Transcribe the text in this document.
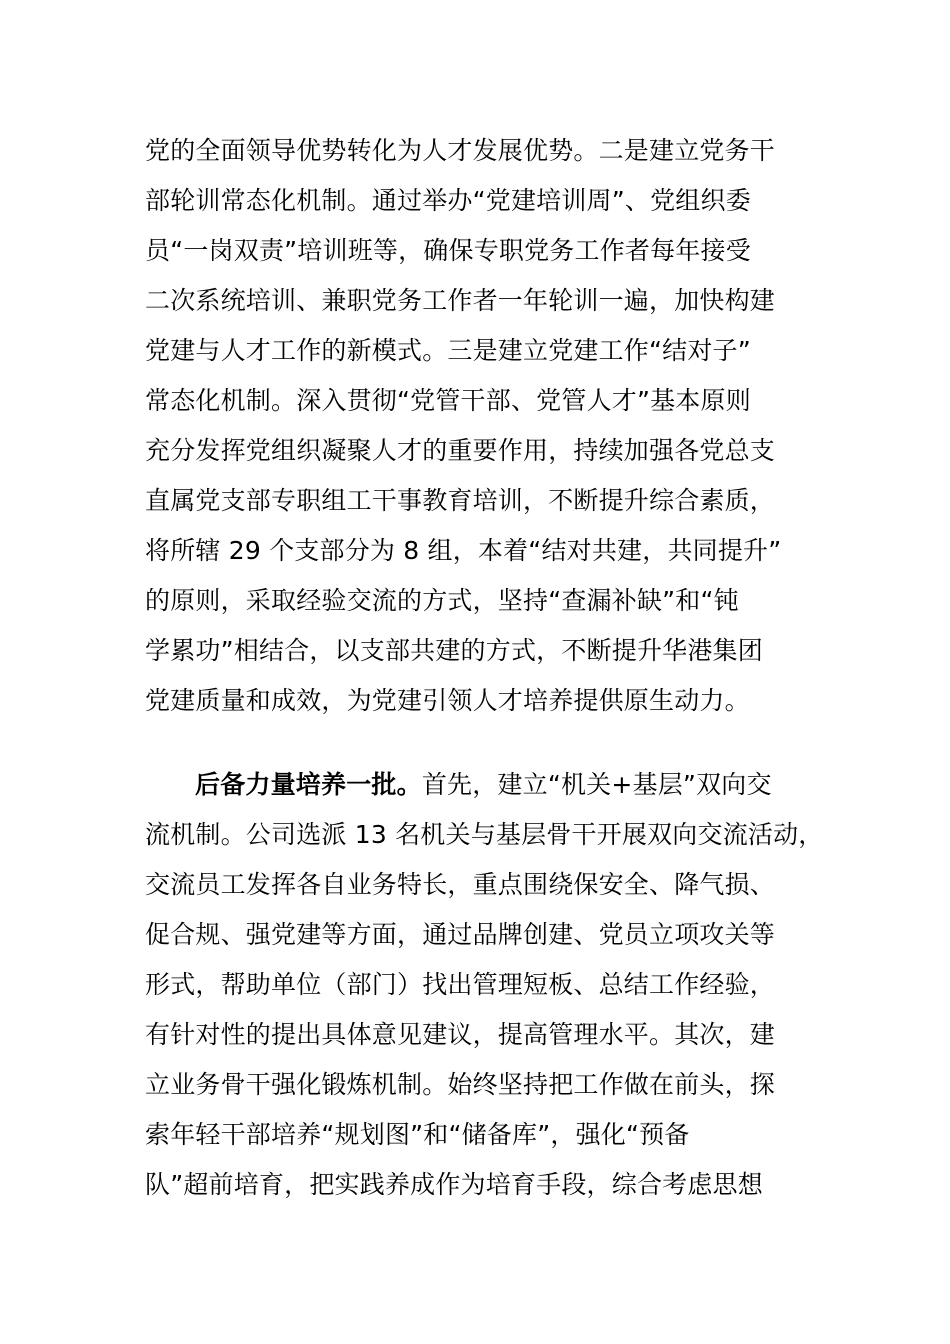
党的全面领导优势转化为人才发展优势。二是建立党务干

部轮训常态化机制。通过举办“党建培训周”、党组织委

员“一岗双责”培训班等，确保专职党务工作者每年接受

二次系统培训、兼职党务工作者一年轮训一遍，加快构建

党建与人才工作的新模式。三是建立党建工作“结对子”

常态化机制。深入贯彻“党管干部、党管人才”基本原则

充分发挥党组织凝聚人才的重要作用，持续加强各党总支

直属党支部专职组工干事教育培训，不断提升综合素质，

将所辖 29 个支部分为 8 组，本着“结对共建，共同提升”

的原则，采取经验交流的方式，坚持“查漏补缺”和“钝

学累功”相结合，以支部共建的方式，不断提升华港集团

党建质量和成效，为党建引领人才培养提供原生动力。

后备力量培养一批。首先，建立“机关+基层”双向交

流机制。公司选派 13 名机关与基层骨干开展双向交流活动，

交流员工发挥各自业务特长，重点围绕保安全、降气损、

促合规、强党建等方面，通过品牌创建、党员立项攻关等

形式，帮助单位（部门）找出管理短板、总结工作经验，

有针对性的提出具体意见建议，提高管理水平。其次，建

立业务骨干强化锻炼机制。始终坚持把工作做在前头，探

索年轻干部培养“规划图”和“储备库”，强化“预备

队”超前培育，把实践养成作为培育手段，综合考虑思想
